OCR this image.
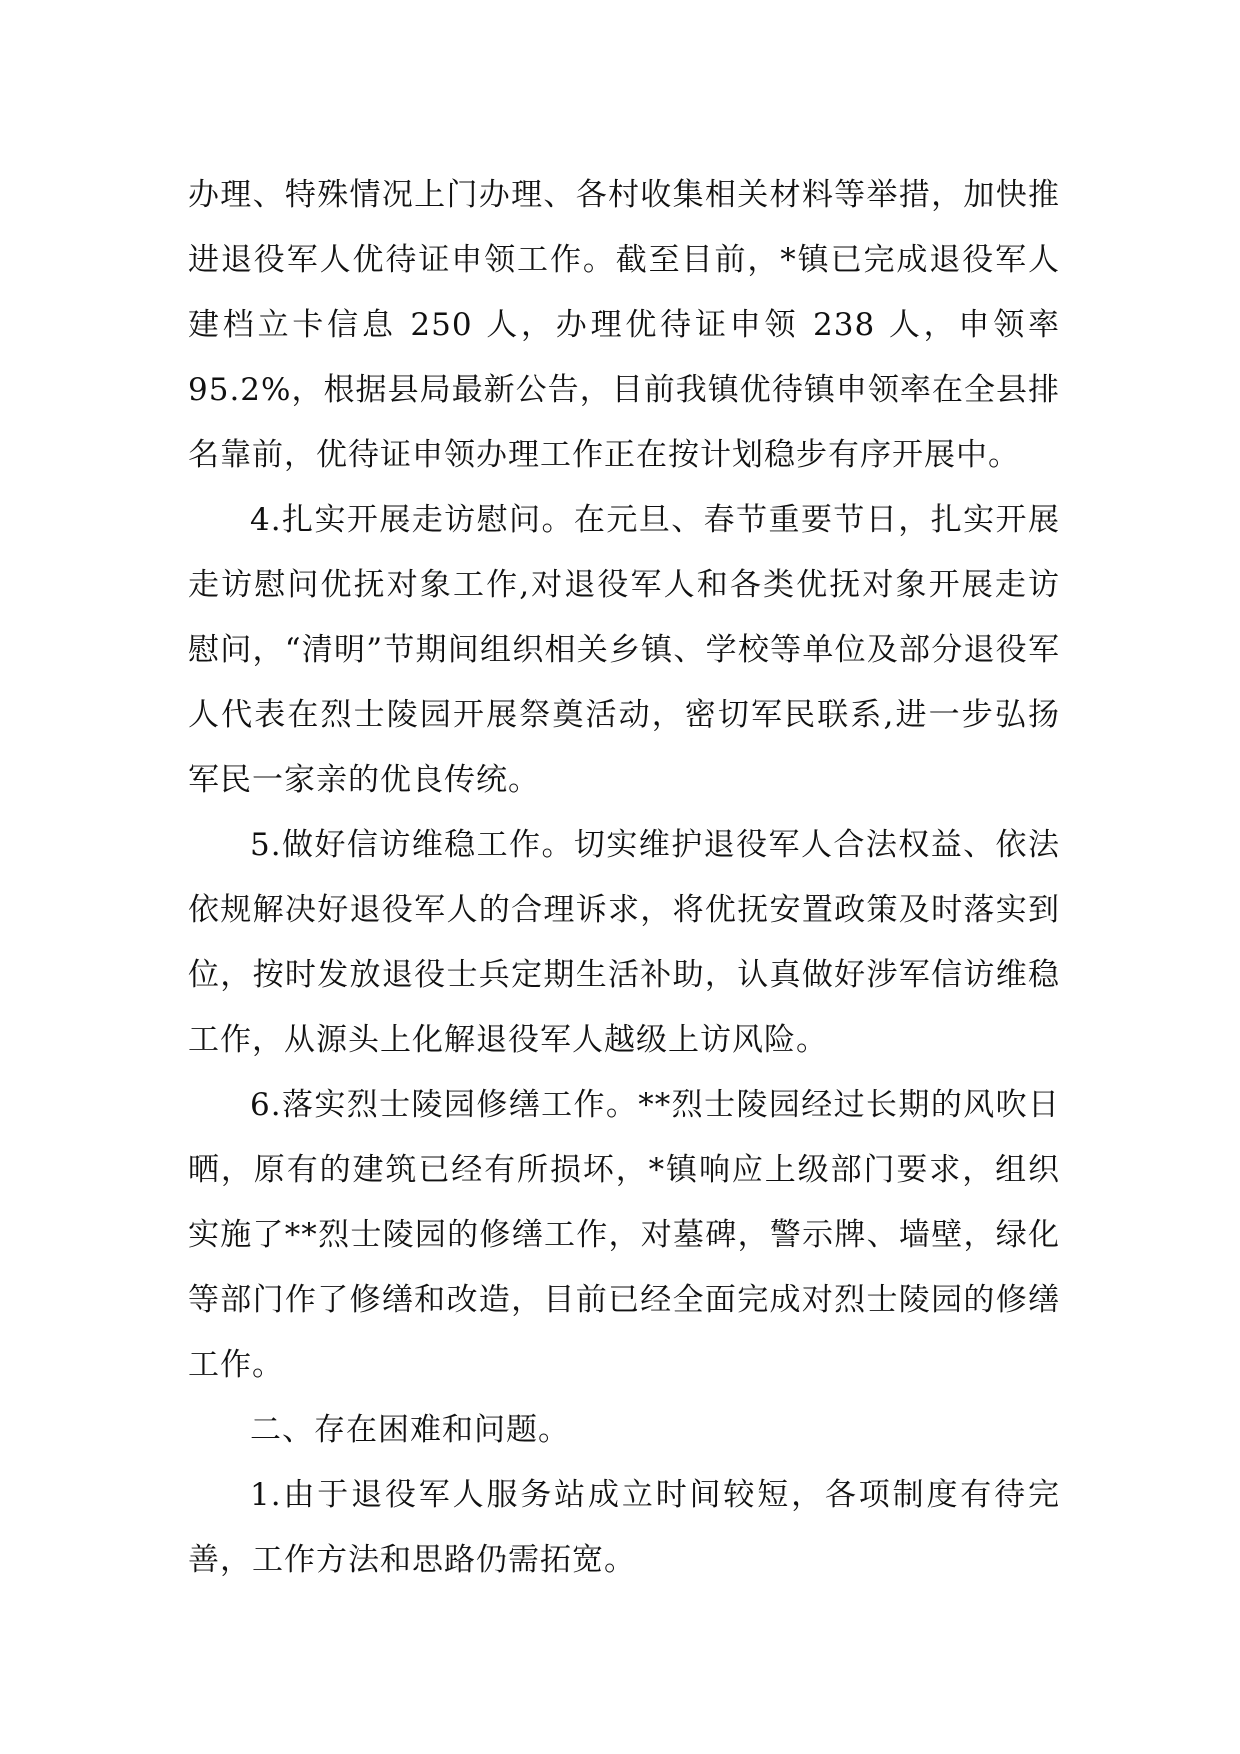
办理、特殊情况上门办理、各村收集相关材料等举措，加快推进退役军人优待证申领工作。截至目前，*镇已完成退役军人建档立卡信息 250 人，办理优待证申领 238 人，申领率 95.2%，根据县局最新公告，目前我镇优待镇申领率在全县排名靠前，优待证申领办理工作正在按计划稳步有序开展中。

4.扎实开展走访慰问。在元旦、春节重要节日，扎实开展走访慰问优抚对象工作,对退役军人和各类优抚对象开展走访慰问，“清明”节期间组织相关乡镇、学校等单位及部分退役军人代表在烈士陵园开展祭奠活动，密切军民联系,进一步弘扬军民一家亲的优良传统。

5.做好信访维稳工作。切实维护退役军人合法权益、依法依规解决好退役军人的合理诉求，将优抚安置政策及时落实到位，按时发放退役士兵定期生活补助，认真做好涉军信访维稳工作，从源头上化解退役军人越级上访风险。

6.落实烈士陵园修缮工作。**烈士陵园经过长期的风吹日晒，原有的建筑已经有所损坏，*镇响应上级部门要求，组织实施了**烈士陵园的修缮工作，对墓碑，警示牌、墙壁，绿化等部门作了修缮和改造，目前已经全面完成对烈士陵园的修缮工作。

二、存在困难和问题。

1.由于退役军人服务站成立时间较短，各项制度有待完善，工作方法和思路仍需拓宽。
